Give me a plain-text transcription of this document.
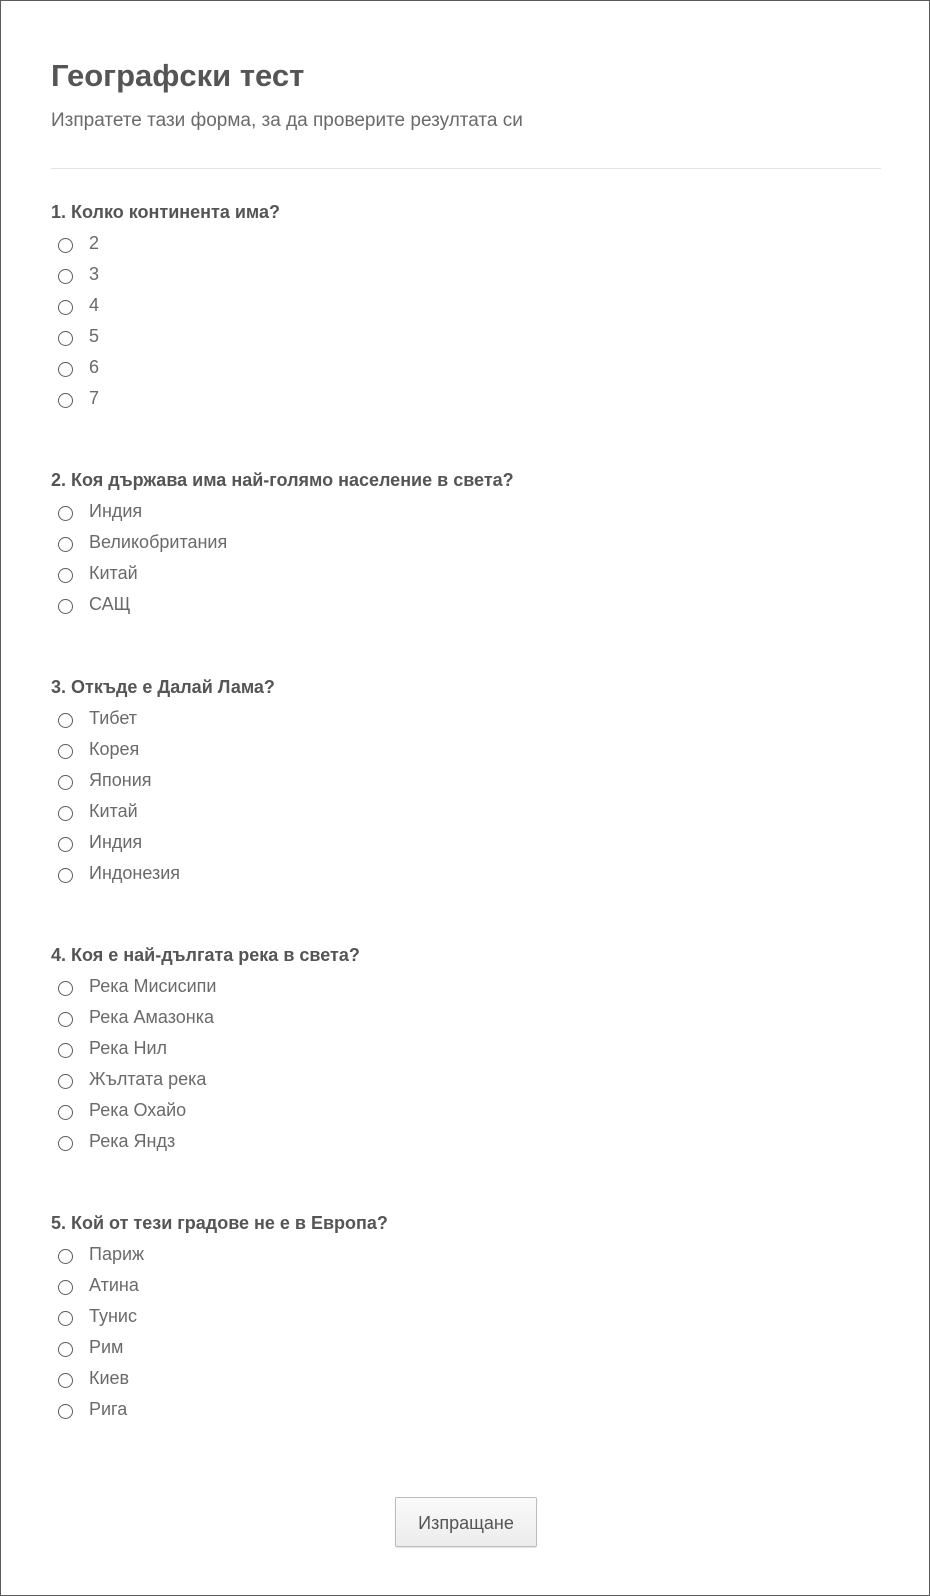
Географски тест

Изпратете тази форма, за да проверите резултата си

1. Колко континента има?
2
3
4
5
6
7
2. Коя държава има най-голямо население в света?
Индия
Великобритания
Китай
САЩ
3. Откъде е Далай Лама?
Тибет
Корея
Япония
Китай
Индия
Индонезия
4. Коя е най-дългата река в света?
Река Мисисипи
Река Амазонка
Река Нил
Жълтата река
Река Охайо
Река Яндз
5. Кой от тези градове не е в Европа?
Париж
Атина
Тунис
Рим
Киев
Рига
Изпращане
